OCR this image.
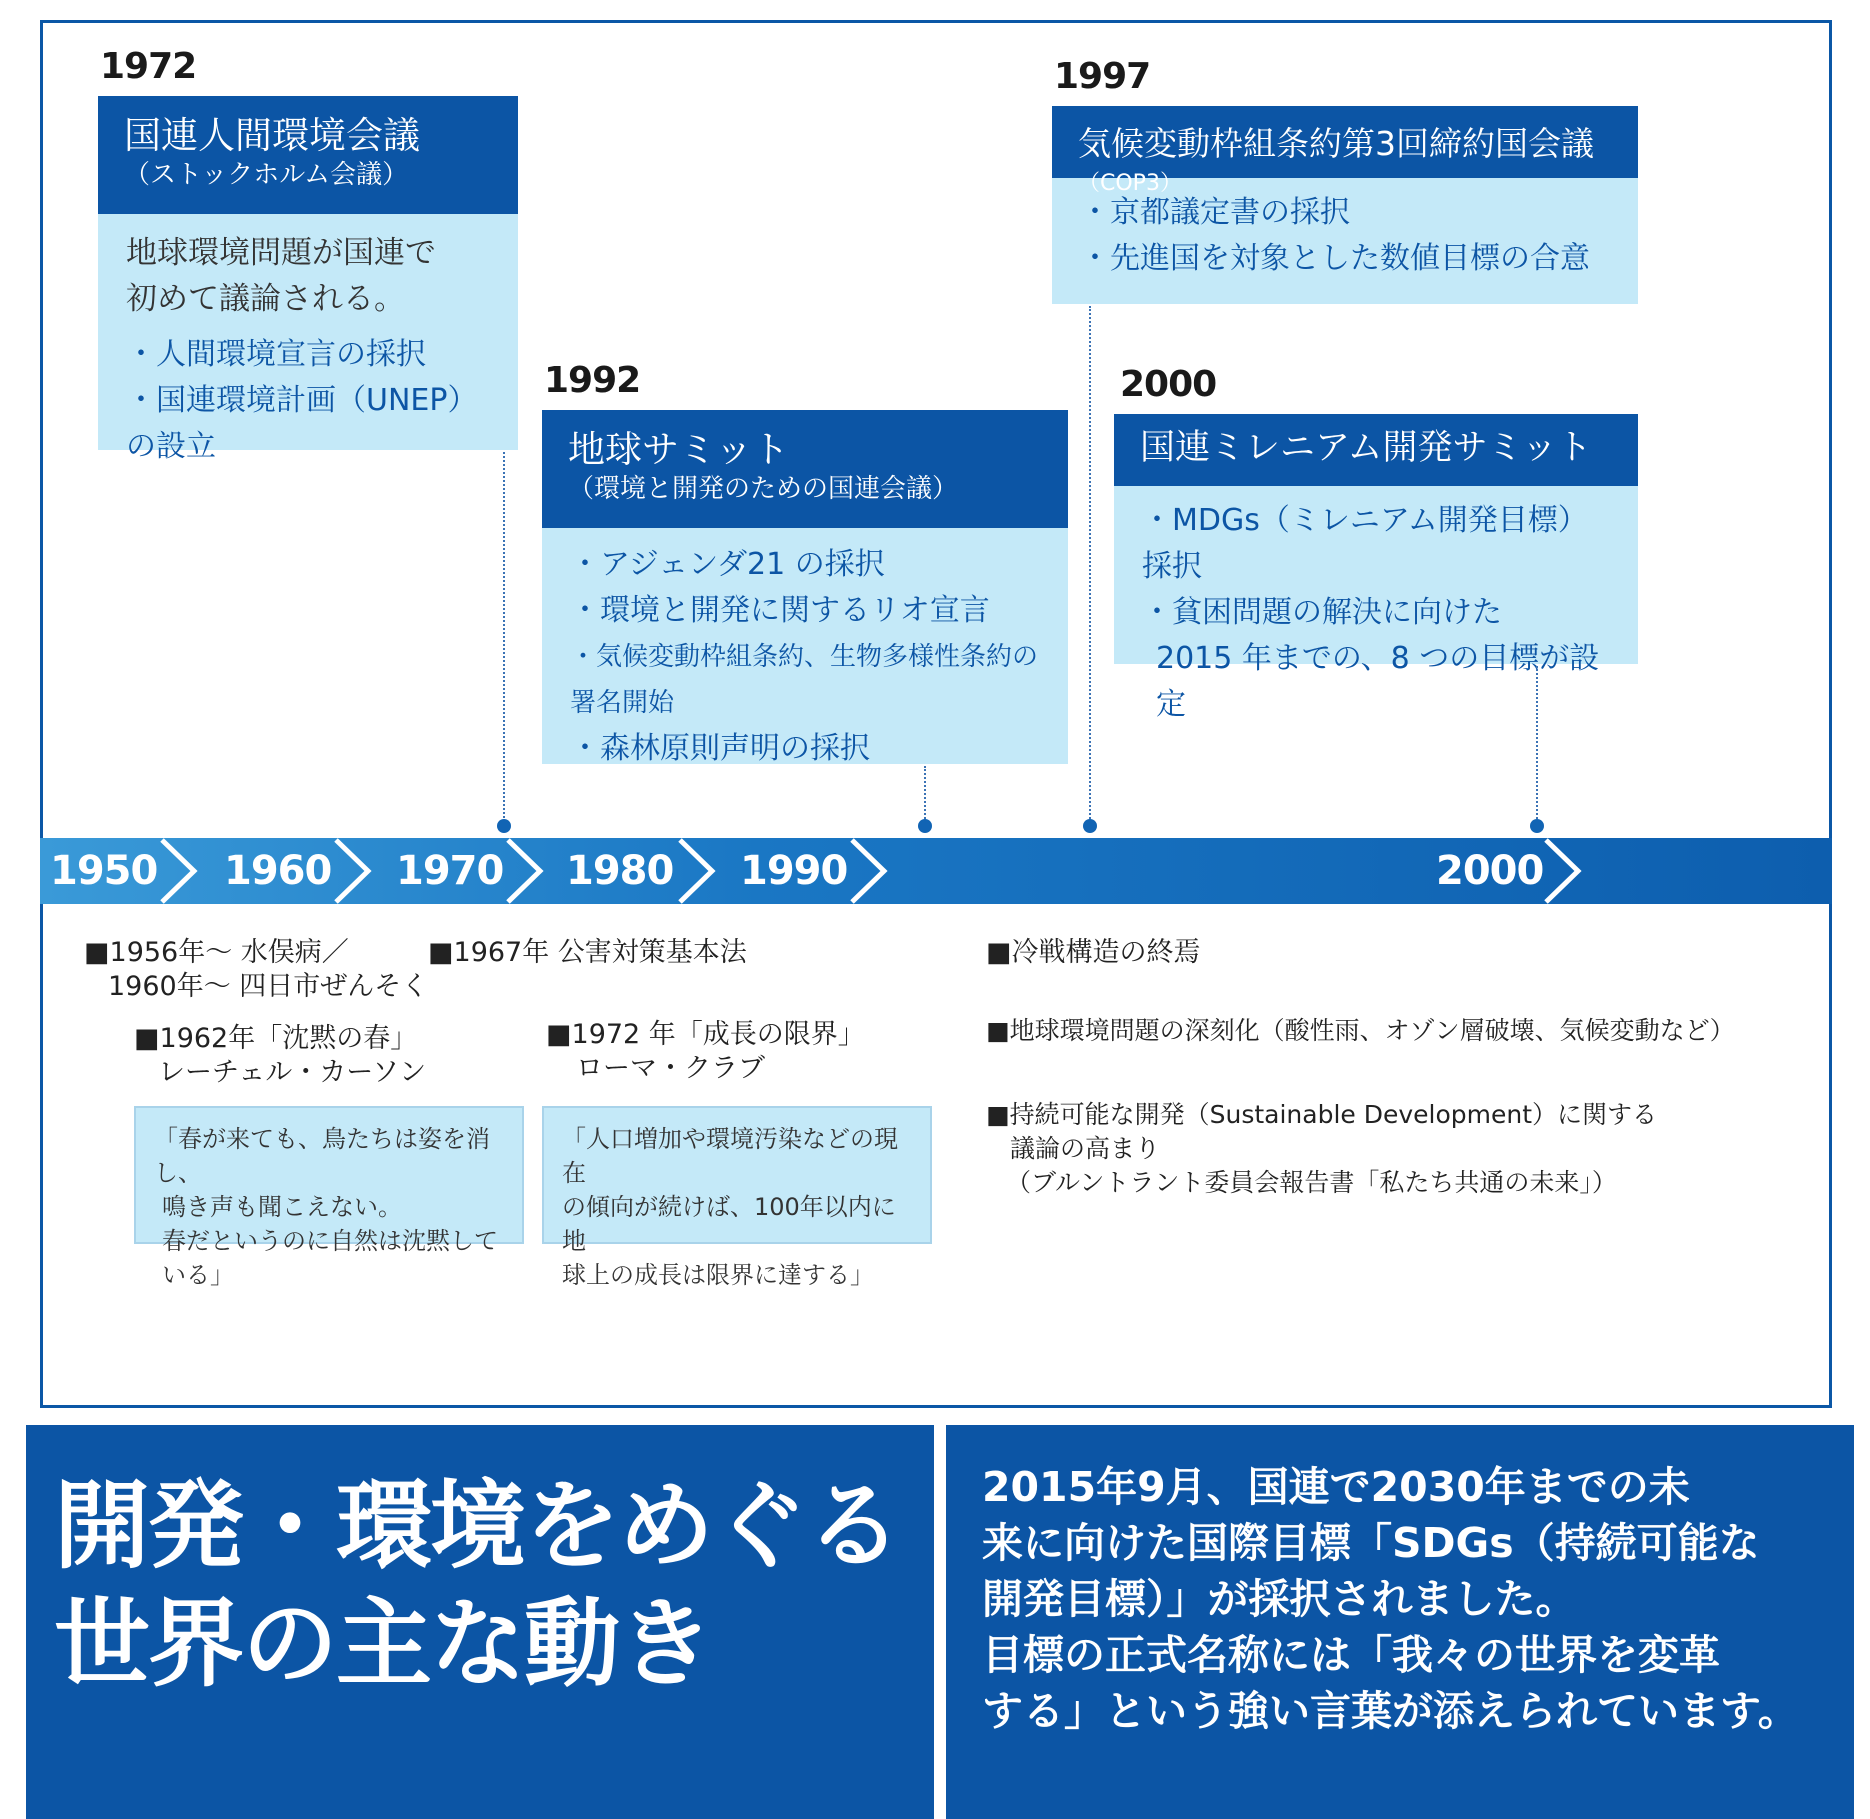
1972
国連人間環境会議
（ストックホルム会議）
地球環境問題が国連で
初めて議論される。
・ 人間環境宣言の採択
・ 国連環境計画（UNEP）の設立
1992
地球サミット
（環境と開発のための国連会議）
・ アジェンダ21 の採択
・ 環境と開発に関するリオ宣言
・ 気候変動枠組条約、生物多様性条約の署名開始
・ 森林原則声明の採択
1997
気候変動枠組条約第3回締約国会議（COP3）
・ 京都議定書の採択
・ 先進国を対象とした数値目標の合意
2000
国連ミレニアム開発サミット
・ MDGs（ミレニアム開発目標）採択
・ 貧困問題の解決に向けた
2015 年までの、8 つの目標が設定
1950 1960 1970 1980 1990	2000
■1956年～ 水俣病／
1960年～ 四日市ぜんそく
■1967年 公害対策基本法
■1962年「沈黙の春」
レーチェル・カーソン
■1972 年「成長の限界」
ローマ・クラブ
「春が来ても、鳥たちは姿を消し、
鳴き声も聞こえない。
春だというのに自然は沈黙している」
「人口増加や環境汚染などの現在
の傾向が続けば、100年以内に地
球上の成長は限界に達する」
■冷戦構造の終焉
■地球環境問題の深刻化（酸性雨、オゾン層破壊、気候変動など）
■持続可能な開発（Sustainable Development）に関する
議論の高まり
（ブルントラント委員会報告書「私たち共通の未来」）
開発・環境をめぐる
世界の主な動き
2015年9月、国連で2030年までの未
来に向けた国際目標「SDGs（持続可能な
開発目標）」が採択されました。
目標の正式名称には「我々の世界を変革
する」という強い言葉が添えられています。
